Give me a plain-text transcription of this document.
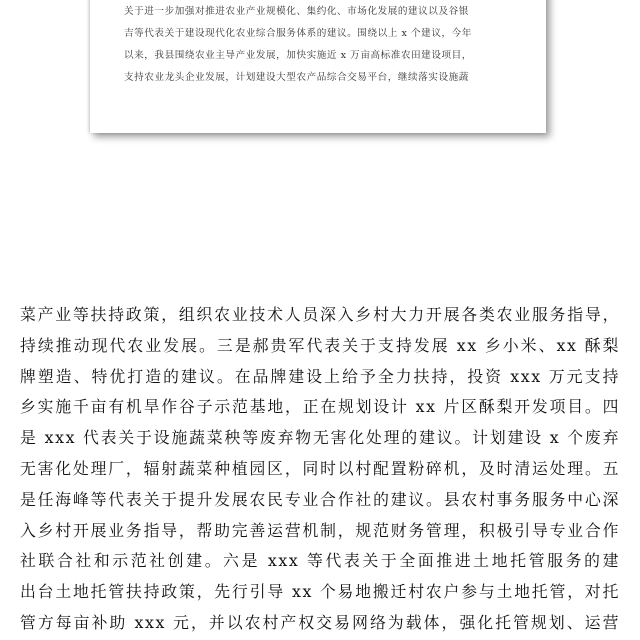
关于进一步加强对推进农业产业规模化、集约化、市场化发展的建议以及谷银
吉等代表关于建设现代化农业综合服务体系的建议。围绕以上 x 个建议，今年
以来，我县围绕农业主导产业发展，加快实施近 x 万亩高标准农田建设项目，
支持农业龙头企业发展，计划建设大型农产品综合交易平台，继续落实设施蔬
菜产业等扶持政策，组织农业技术人员深入乡村大力开展各类农业服务指导，
持续推动现代农业发展。三是郝贵军代表关于支持发展 xx 乡小米、xx 酥梨
牌塑造、特优打造的建议。在品牌建设上给予全力扶持，投资 xxx 万元支持
乡实施千亩有机旱作谷子示范基地，正在规划设计 xx 片区酥梨开发项目。四
是 xxx 代表关于设施蔬菜秧等废弃物无害化处理的建议。计划建设 x 个废弃
无害化处理厂，辐射蔬菜种植园区，同时以村配置粉碎机，及时清运处理。五
是任海峰等代表关于提升发展农民专业合作社的建议。县农村事务服务中心深
入乡村开展业务指导，帮助完善运营机制，规范财务管理，积极引导专业合作
社联合社和示范社创建。六是 xxx 等代表关于全面推进土地托管服务的建
出台土地托管扶持政策，先行引导 xx 个易地搬迁村农户参与土地托管，对托
管方每亩补助 xxx 元，并以农村产权交易网络为载体，强化托管规划、运营
